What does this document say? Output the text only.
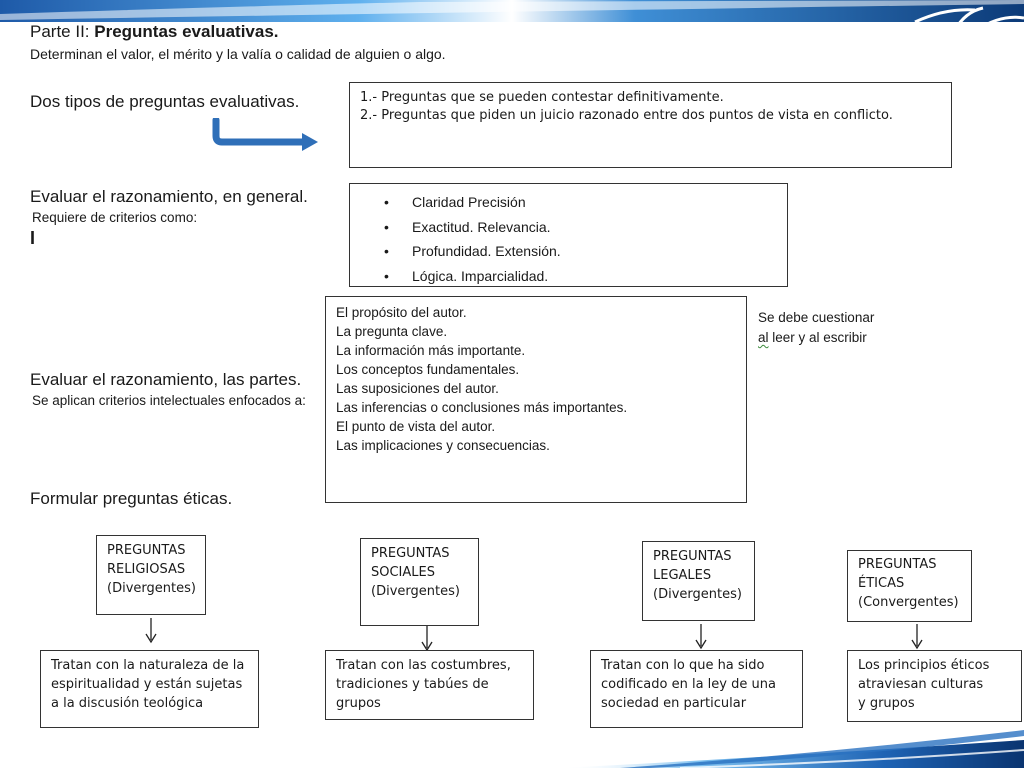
Parte II: Preguntas evaluativas.
Determinan el valor, el mérito y la valía o calidad de alguien o algo.
Dos tipos de preguntas evaluativas.	1.- Preguntas que se pueden contestar definitivamente.
2.- Preguntas que piden un juicio razonado entre dos puntos de vista en conflicto.
Evaluar el razonamiento, en general.
Requiere de criterios como:
I
• Claridad Precisión
• Exactitud. Relevancia.
• Profundidad. Extensión.
• Lógica. Imparcialidad.
El propósito del autor.
La pregunta clave.
La información más importante.
Los conceptos fundamentales.
Las suposiciones del autor.
Las inferencias o conclusiones más importantes.
El punto de vista del autor.
Las implicaciones y consecuencias.
Se debe cuestionar
al leer y al escribir
Evaluar el razonamiento, las partes.
Se aplican criterios intelectuales enfocados a:
Formular preguntas éticas.
PREGUNTAS
RELIGIOSAS
(Divergentes)
PREGUNTAS
SOCIALES
(Divergentes)
PREGUNTAS
LEGALES
(Divergentes)
PREGUNTAS
ÉTICAS
(Convergentes)
Tratan con la naturaleza de la
espiritualidad y están sujetas
a la discusión teológica
Tratan con las costumbres,
tradiciones y tabúes de
grupos
Tratan con lo que ha sido
codificado en la ley de una
sociedad en particular
Los principios éticos
atraviesan culturas
y grupos
